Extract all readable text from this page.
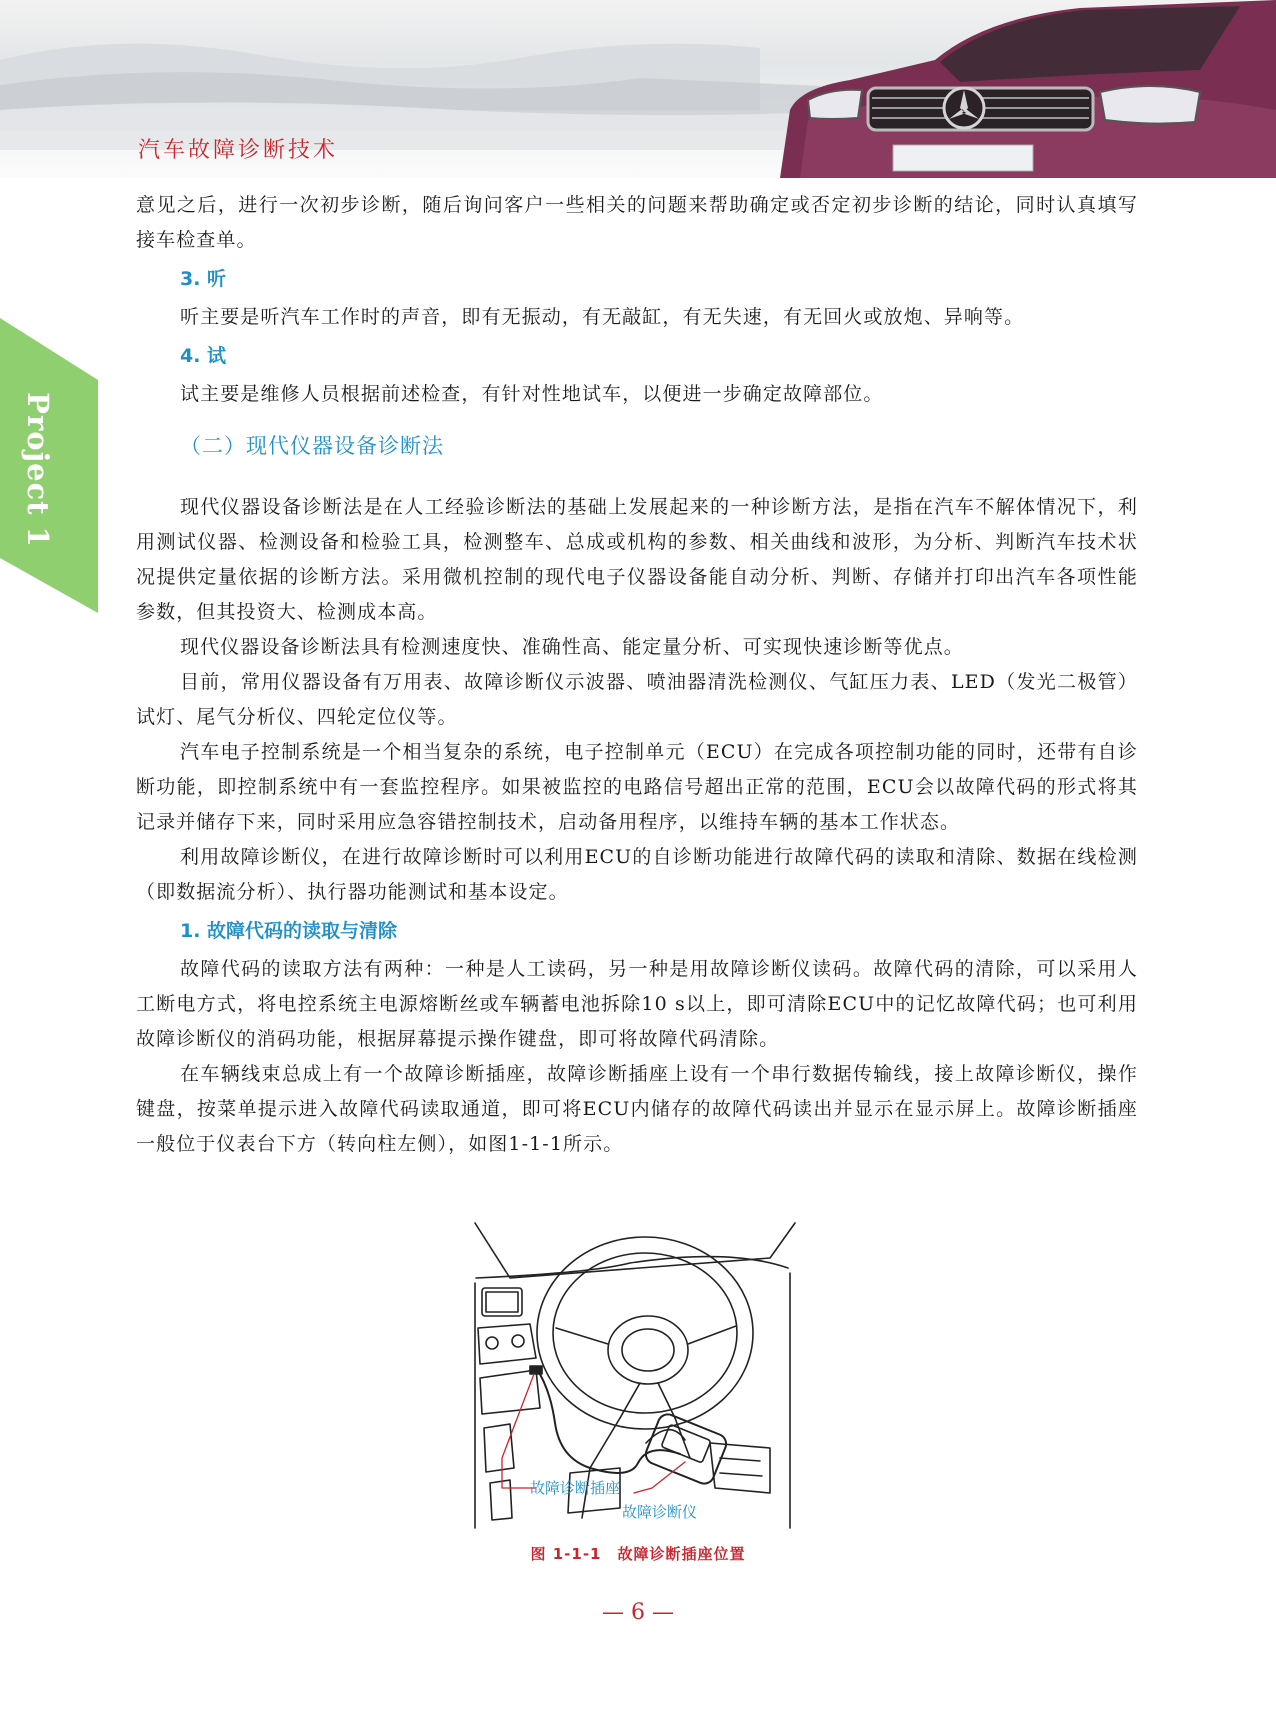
汽车故障诊断技术
Project 1

意见之后，进行一次初步诊断，随后询问客户一些相关的问题来帮助确定或否定初步诊断的结论，同时认真填写接车检查单。

3. 听

听主要是听汽车工作时的声音，即有无振动，有无敲缸，有无失速，有无回火或放炮、异响等。

4. 试

试主要是维修人员根据前述检查，有针对性地试车，以便进一步确定故障部位。

（二）现代仪器设备诊断法

现代仪器设备诊断法是在人工经验诊断法的基础上发展起来的一种诊断方法，是指在汽车不解体情况下，利用测试仪器、检测设备和检验工具，检测整车、总成或机构的参数、相关曲线和波形，为分析、判断汽车技术状况提供定量依据的诊断方法。采用微机控制的现代电子仪器设备能自动分析、判断、存储并打印出汽车各项性能参数，但其投资大、检测成本高。

现代仪器设备诊断法具有检测速度快、准确性高、能定量分析、可实现快速诊断等优点。

目前，常用仪器设备有万用表、故障诊断仪示波器、喷油器清洗检测仪、气缸压力表、LED（发光二极管）试灯、尾气分析仪、四轮定位仪等。

汽车电子控制系统是一个相当复杂的系统，电子控制单元（ECU）在完成各项控制功能的同时，还带有自诊断功能，即控制系统中有一套监控程序。如果被监控的电路信号超出正常的范围，ECU会以故障代码的形式将其记录并储存下来，同时采用应急容错控制技术，启动备用程序，以维持车辆的基本工作状态。

利用故障诊断仪，在进行故障诊断时可以利用ECU的自诊断功能进行故障代码的读取和清除、数据在线检测（即数据流分析）、执行器功能测试和基本设定。

1. 故障代码的读取与清除

故障代码的读取方法有两种：一种是人工读码，另一种是用故障诊断仪读码。故障代码的清除，可以采用人工断电方式，将电控系统主电源熔断丝或车辆蓄电池拆除10 s以上，即可清除ECU中的记忆故障代码；也可利用故障诊断仪的消码功能，根据屏幕提示操作键盘，即可将故障代码清除。

在车辆线束总成上有一个故障诊断插座，故障诊断插座上设有一个串行数据传输线，接上故障诊断仪，操作键盘，按菜单提示进入故障代码读取通道，即可将ECU内储存的故障代码读出并显示在显示屏上。故障诊断插座一般位于仪表台下方（转向柱左侧），如图1-1-1所示。

故障诊断插座
故障诊断仪
图 1-1-1　故障诊断插座位置
— 6 —
